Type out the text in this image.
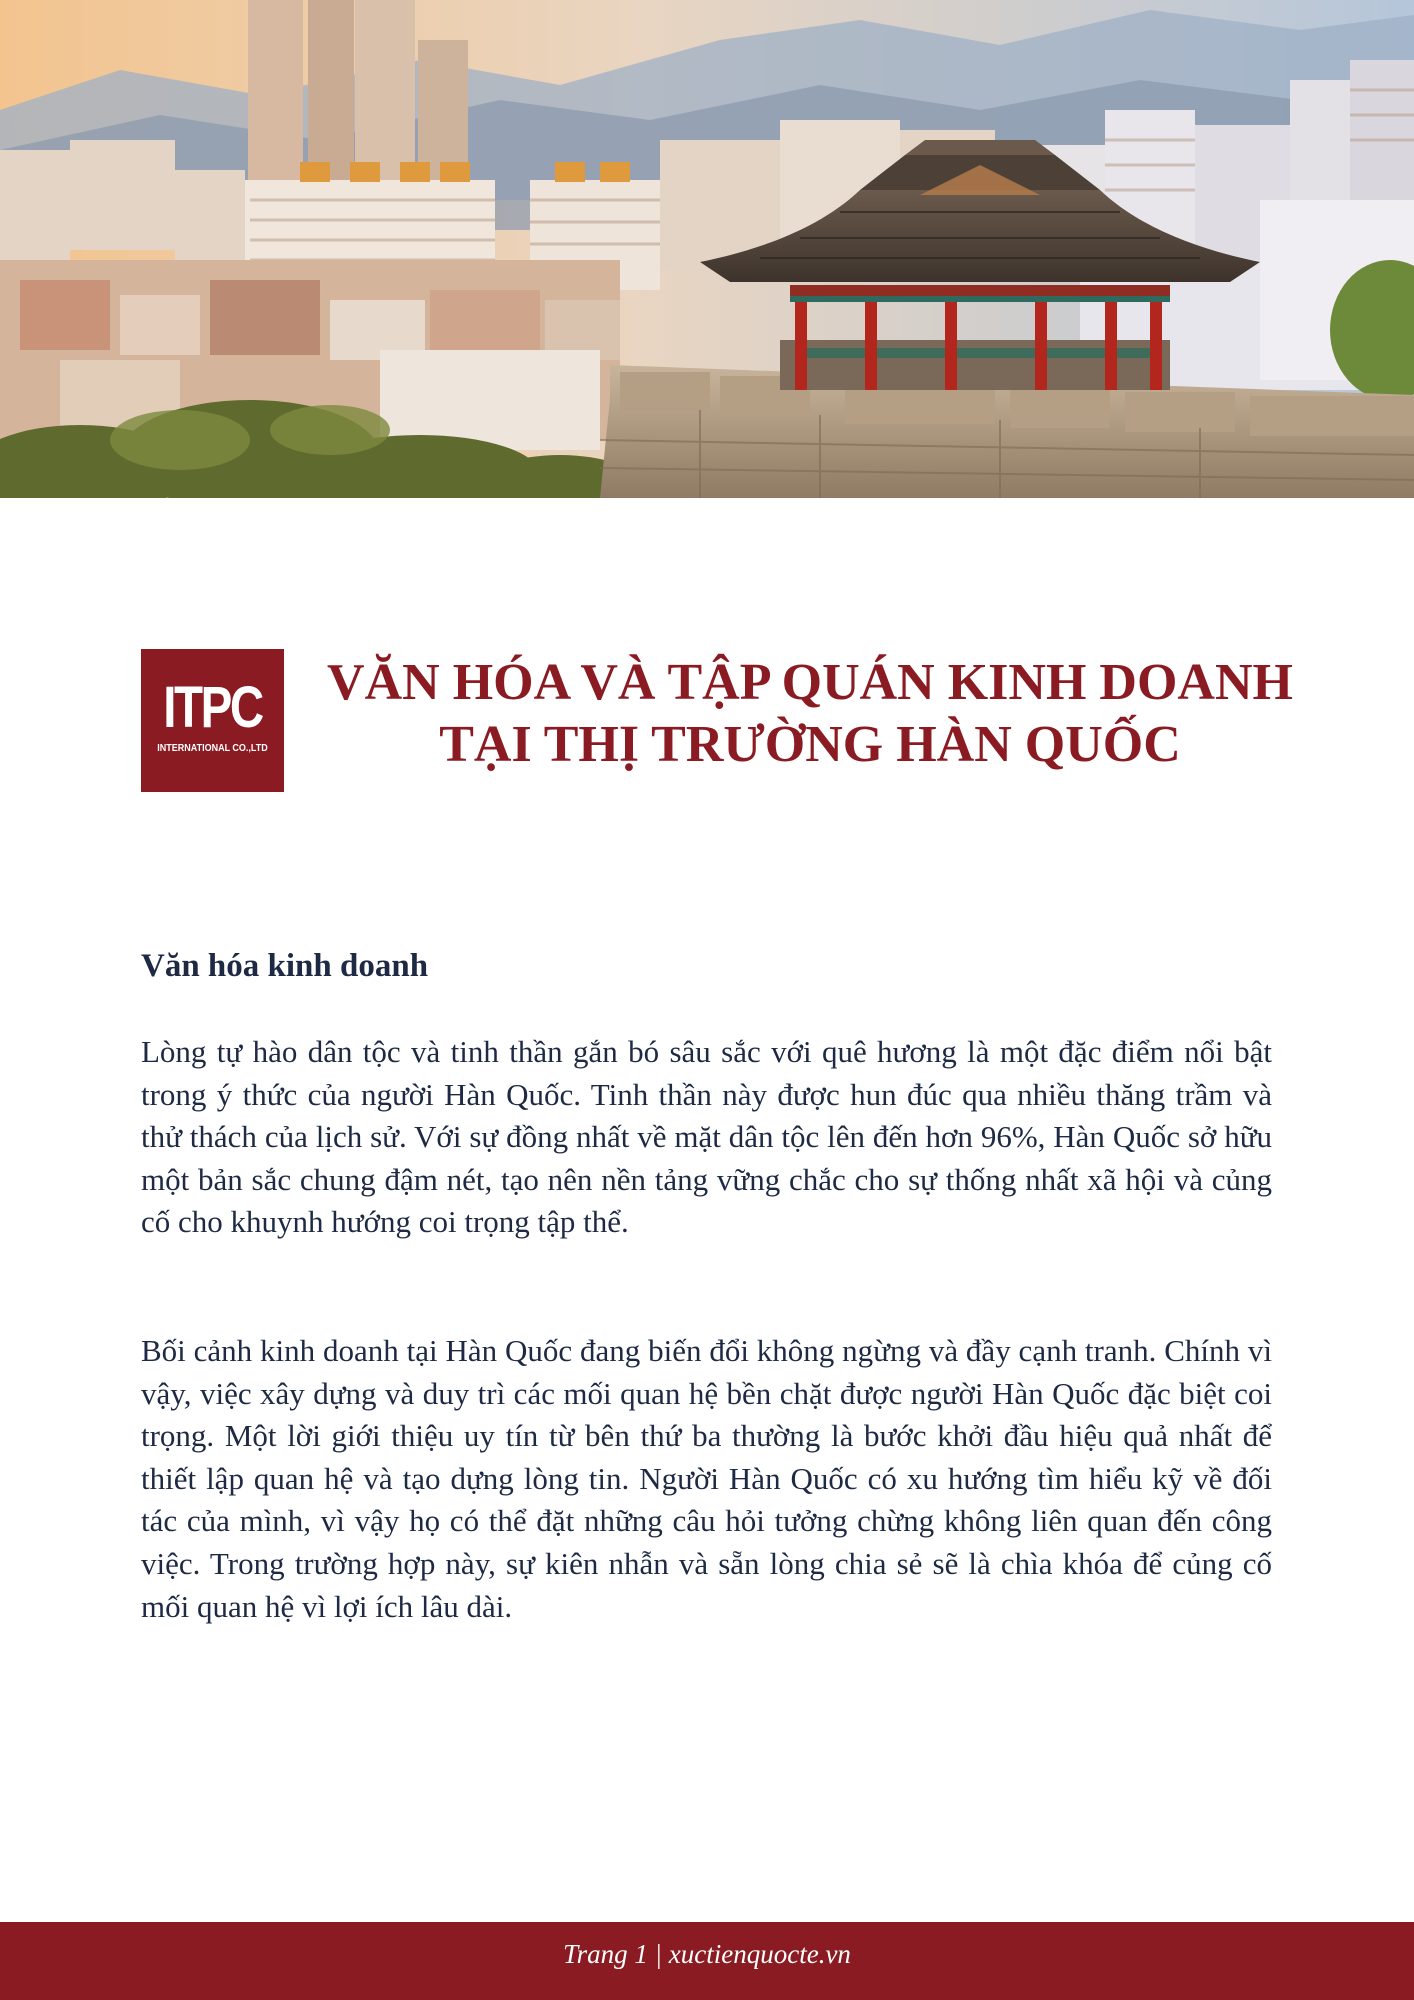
ITPC
INTERNATIONAL CO.,LTD
VĂN HÓA VÀ TẬP QUÁN KINH DOANH
TẠI THỊ TRƯỜNG HÀN QUỐC
Văn hóa kinh doanh

Lòng tự hào dân tộc và tinh thần gắn bó sâu sắc với quê hương là một đặc điểm nổi bật trong ý thức của người Hàn Quốc. Tinh thần này được hun đúc qua nhiều thăng trầm và thử thách của lịch sử. Với sự đồng nhất về mặt dân tộc lên đến hơn 96%, Hàn Quốc sở hữu một bản sắc chung đậm nét, tạo nên nền tảng vững chắc cho sự thống nhất xã hội và củng cố cho khuynh hướng coi trọng tập thể.

Bối cảnh kinh doanh tại Hàn Quốc đang biến đổi không ngừng và đầy cạnh tranh. Chính vì vậy, việc xây dựng và duy trì các mối quan hệ bền chặt được người Hàn Quốc đặc biệt coi trọng. Một lời giới thiệu uy tín từ bên thứ ba thường là bước khởi đầu hiệu quả nhất để thiết lập quan hệ và tạo dựng lòng tin. Người Hàn Quốc có xu hướng tìm hiểu kỹ về đối tác của mình, vì vậy họ có thể đặt những câu hỏi tưởng chừng không liên quan đến công việc. Trong trường hợp này, sự kiên nhẫn và sẵn lòng chia sẻ sẽ là chìa khóa để củng cố mối quan hệ vì lợi ích lâu dài.

Trang 1 | xuctienquocte.vn
